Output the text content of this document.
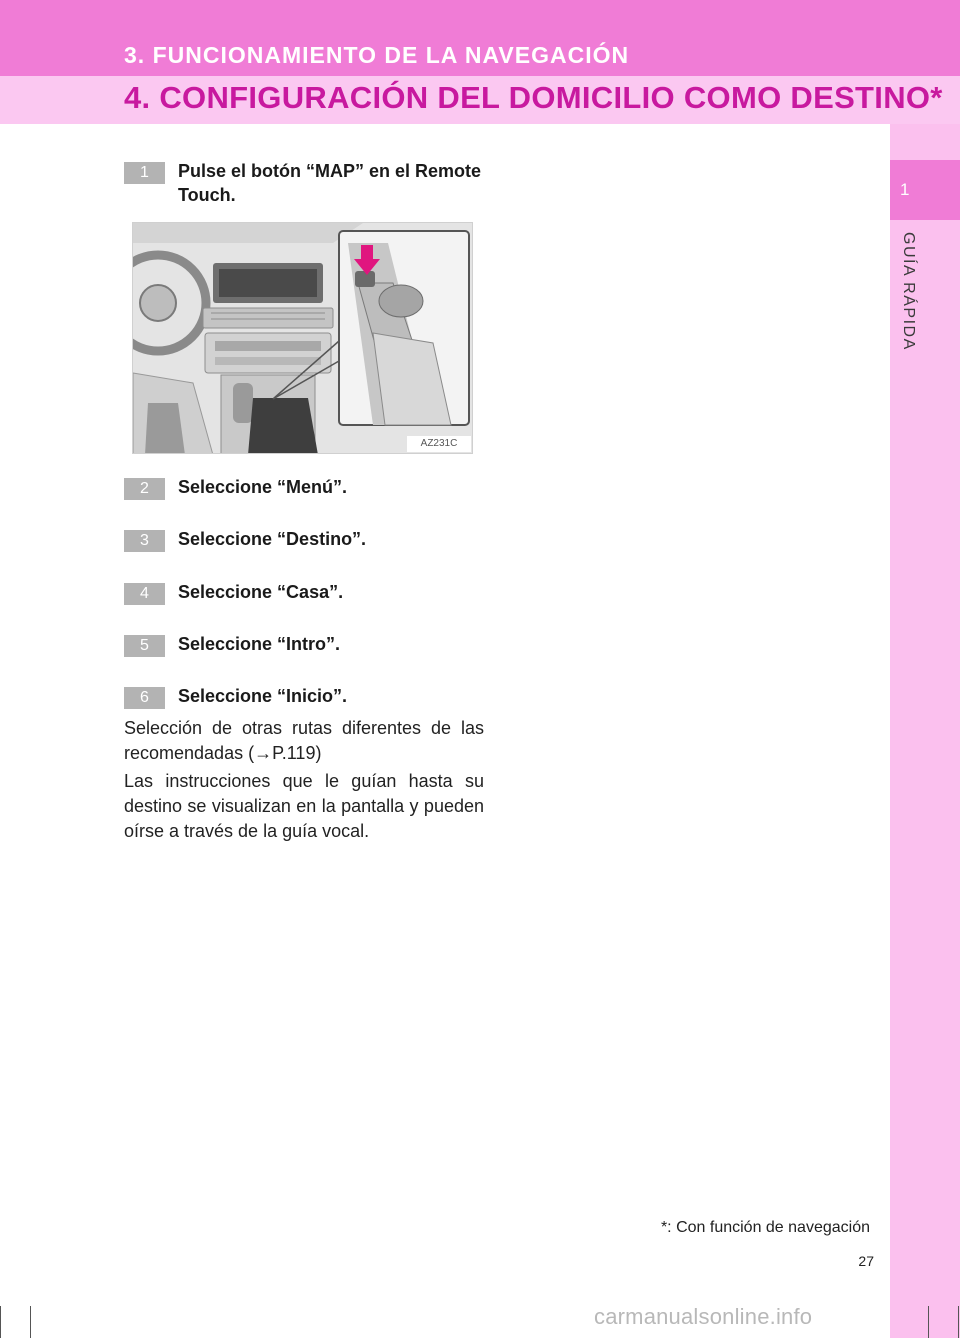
3. FUNCIONAMIENTO DE LA NAVEGACIÓN
4. CONFIGURACIÓN DEL DOMICILIO COMO DESTINO*
1
GUÍA RÁPIDA
1	Pulse el botón “MAP” en el Remote Touch.
AZ231C
2	Seleccione “Menú”.
3	Seleccione “Destino”.
4	Seleccione “Casa”.
5	Seleccione “Intro”.
6	Seleccione “Inicio”.
Selección de otras rutas diferentes de las recomendadas (→P.119)
Las instrucciones que le guían hasta su destino se visualizan en la pantalla y pueden oírse a través de la guía vocal.
*: Con función de navegación
27
carmanualsonline.info
